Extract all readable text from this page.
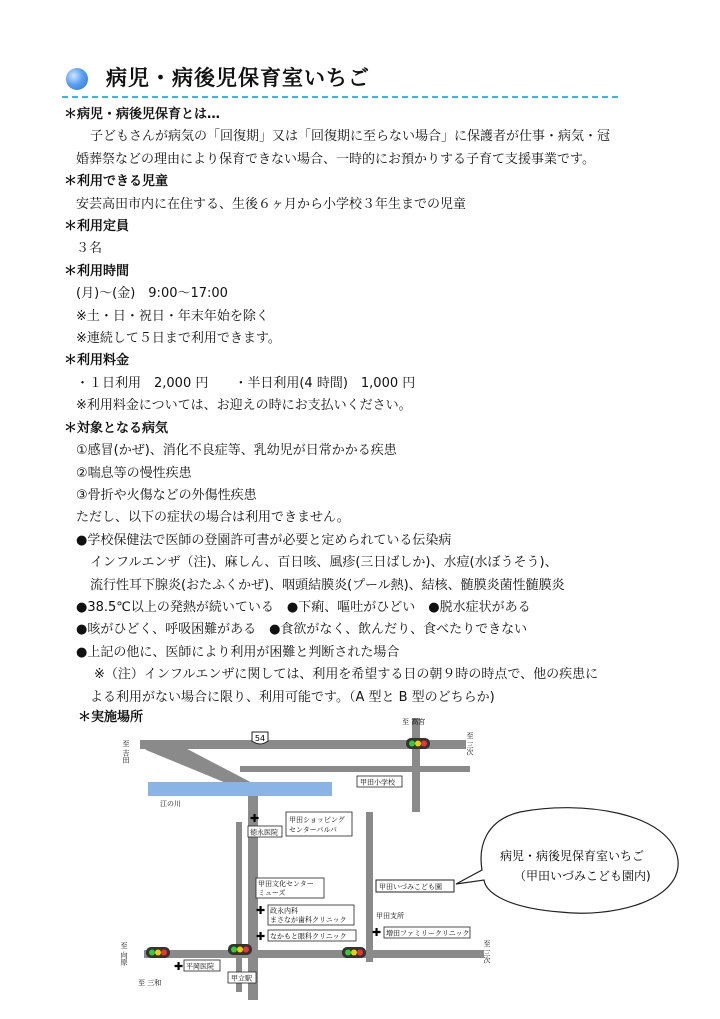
病児・病後児保育室いちご
＊病児・病後児保育とは…
子どもさんが病気の「回復期」又は「回復期に至らない場合」に保護者が仕事・病気・冠
婚葬祭などの理由により保育できない場合、一時的にお預かりする子育て支援事業です。
＊利用できる児童
安芸高田市内に在住する、生後６ヶ月から小学校３年生までの児童
＊利用定員
３名
＊利用時間
(月)～(金)　9:00～17:00
※土・日・祝日・年末年始を除く
※連続して５日まで利用できます。
＊利用料金
・１日利用　2,000 円　　・半日利用(4 時間)　1,000 円
※利用料金については、お迎えの時にお支払いください。
＊対象となる病気
①感冒(かぜ)、消化不良症等、乳幼児が日常かかる疾患
②喘息等の慢性疾患
③骨折や火傷などの外傷性疾患
ただし、以下の症状の場合は利用できません。
●学校保健法で医師の登園許可書が必要と定められている伝染病
インフルエンザ（注)、麻しん、百日咳、風疹(三日ばしか)、水痘(水ぼうそう)、
流行性耳下腺炎(おたふくかぜ)、咽頭結膜炎(プール熱)、結核、髄膜炎菌性髄膜炎
●38.5℃以上の発熱が続いている　●下痢、嘔吐がひどい　●脱水症状がある
●咳がひどく、呼吸困難がある　●食欲がなく、飲んだり、食べたりできない
●上記の他に、医師により利用が困難と判断された場合
※（注）インフルエンザに関しては、利用を希望する日の朝９時の時点で、他の疾患に
よる利用がない場合に限り、利用可能です。（A 型と B 型のどちらか)
＊実施場所
54
至 高宮
至 吉田	至 三次
至 向原
至 三和
至 三次
江の川
甲田小学校
徳永医院
✚	甲田ショッピング
センターパルパ
甲田文化センター
ミューズ
✚ 政永内科
まさなが歯科クリニック
✚ なかもと眼科クリニック
甲田いづみこども園
甲田支所
✚ 増田ファミリークリニック
✚ 平岡医院
甲立駅
病児・病後児保育室いちご
（甲田いづみこども園内)
